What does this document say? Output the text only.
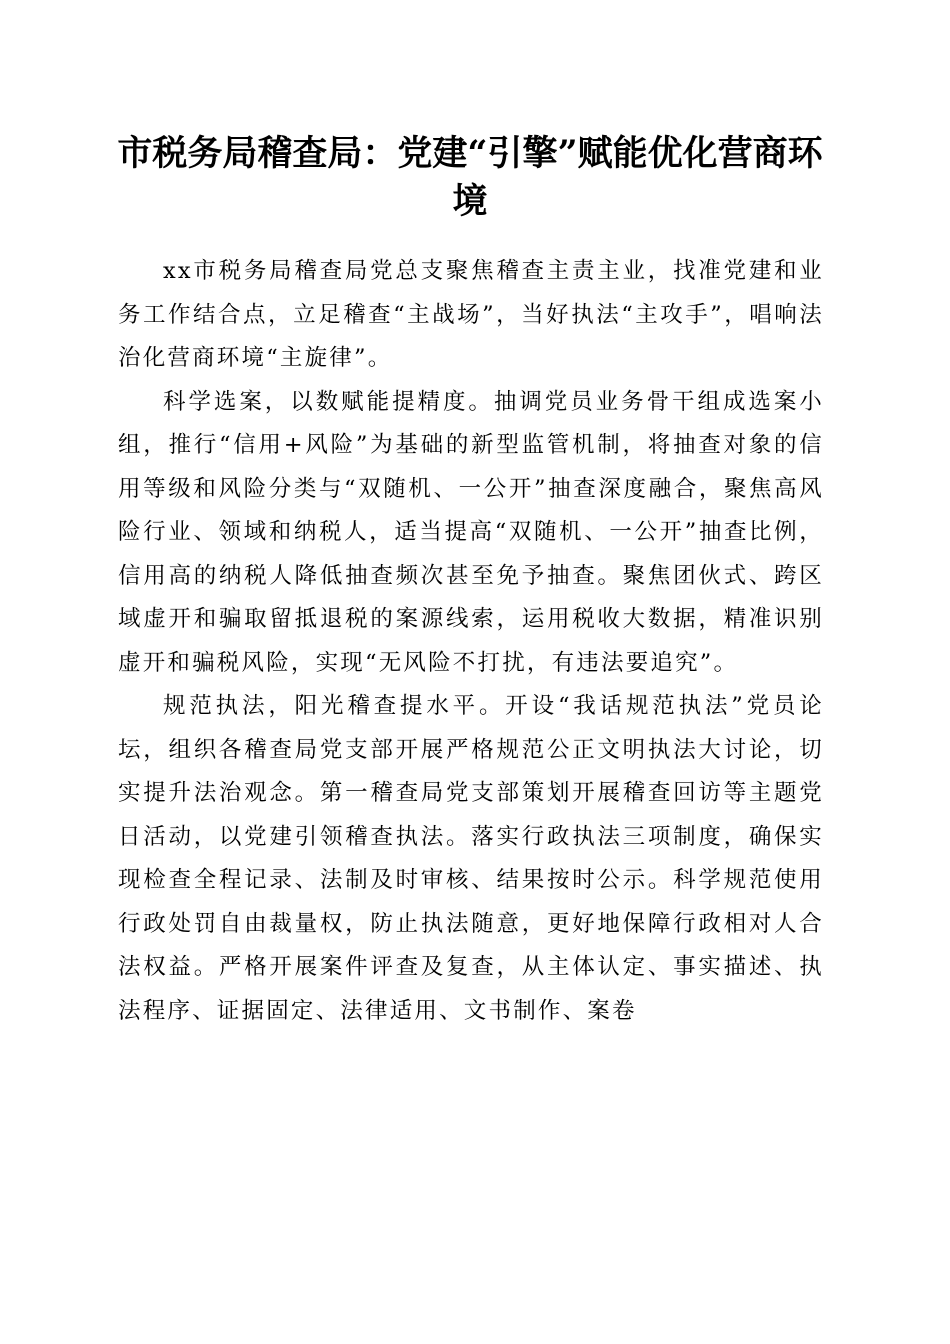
市税务局稽查局：党建“引擎”赋能优化营商环境

xx市税务局稽查局党总支聚焦稽查主责主业，找准党建和业务工作结合点，立足稽查“主战场”，当好执法“主攻手”，唱响法治化营商环境“主旋律”。

科学选案，以数赋能提精度。抽调党员业务骨干组成选案小组，推行“信用+风险”为基础的新型监管机制，将抽查对象的信用等级和风险分类与“双随机、一公开”抽查深度融合，聚焦高风险行业、领域和纳税人，适当提高“双随机、一公开”抽查比例，信用高的纳税人降低抽查频次甚至免予抽查。聚焦团伙式、跨区域虚开和骗取留抵退税的案源线索，运用税收大数据，精准识别虚开和骗税风险，实现“无风险不打扰，有违法要追究”。

规范执法，阳光稽查提水平。开设“我话规范执法”党员论坛，组织各稽查局党支部开展严格规范公正文明执法大讨论，切实提升法治观念。第一稽查局党支部策划开展稽查回访等主题党日活动，以党建引领稽查执法。落实行政执法三项制度，确保实现检查全程记录、法制及时审核、结果按时公示。科学规范使用行政处罚自由裁量权，防止执法随意，更好地保障行政相对人合法权益。严格开展案件评查及复查，从主体认定、事实描述、执法程序、证据固定、法律适用、文书制作、案卷
